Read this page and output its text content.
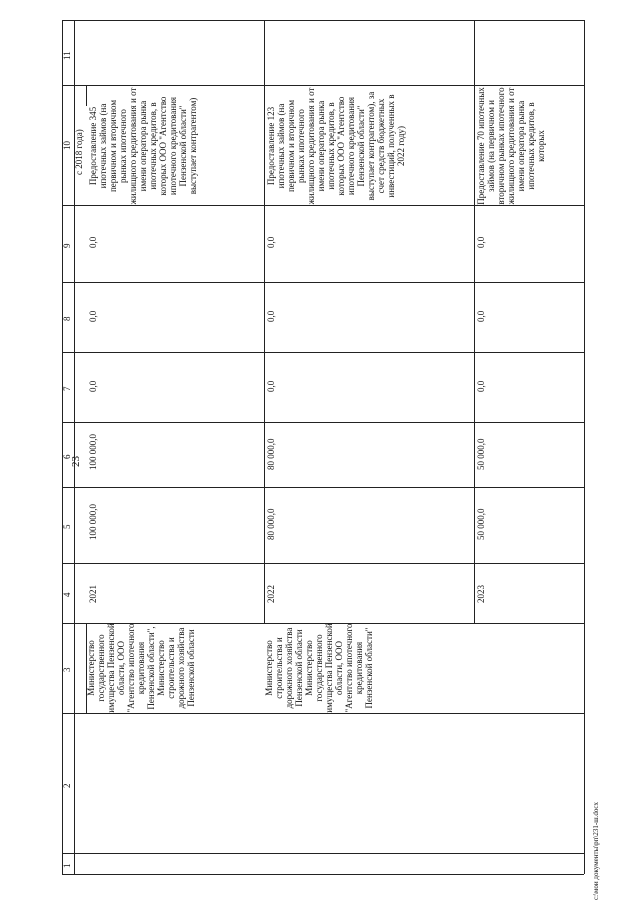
23
c:\мои документы\рп\231-ш.docx
1
2
3
4
5
6
7
8
9
10
11
с 2018 года)
Министерство государственного имущества Пензенской области, ООО "Агентство ипотечного кредитования Пензенской области", Министерство строительства и дорожного хозяйства Пензенской области
2021
100 000,0
100 000,0
0,0
0,0
0,0
Предоставление 345 ипотечных займов (на первичном и вторичном рынках ипотечного жилищного кредитования и от имени оператора рынка ипотечных кредитов, в которых ООО "Агентство ипотечного кредитования Пензенской области" выступает контрагентом)
Министерство строительства и дорожного хозяйства Пензенской области Министерство государственного имущества Пензенской области, ООО "Агентство ипотечного кредитования Пензенской области"
2022
80 000,0
80 000,0
0,0
0,0
0,0
Предоставление 123 ипотечных займов (на первичном и вторичном рынках ипотечного жилищного кредитования и от имени оператора рынка ипотечных кредитов, в которых ООО "Агентство ипотечного кредитования Пензенской области" выступает контрагентом), за счет средств бюджетных инвестиций, полученных в 2022 году)
2023
50 000,0
50 000,0
0,0
0,0
0,0
Предоставление 70 ипотечных займов (на первичном и вторичном рынках ипотечного жилищного кредитования и от имени оператора рынка ипотечных кредитов, в которых
